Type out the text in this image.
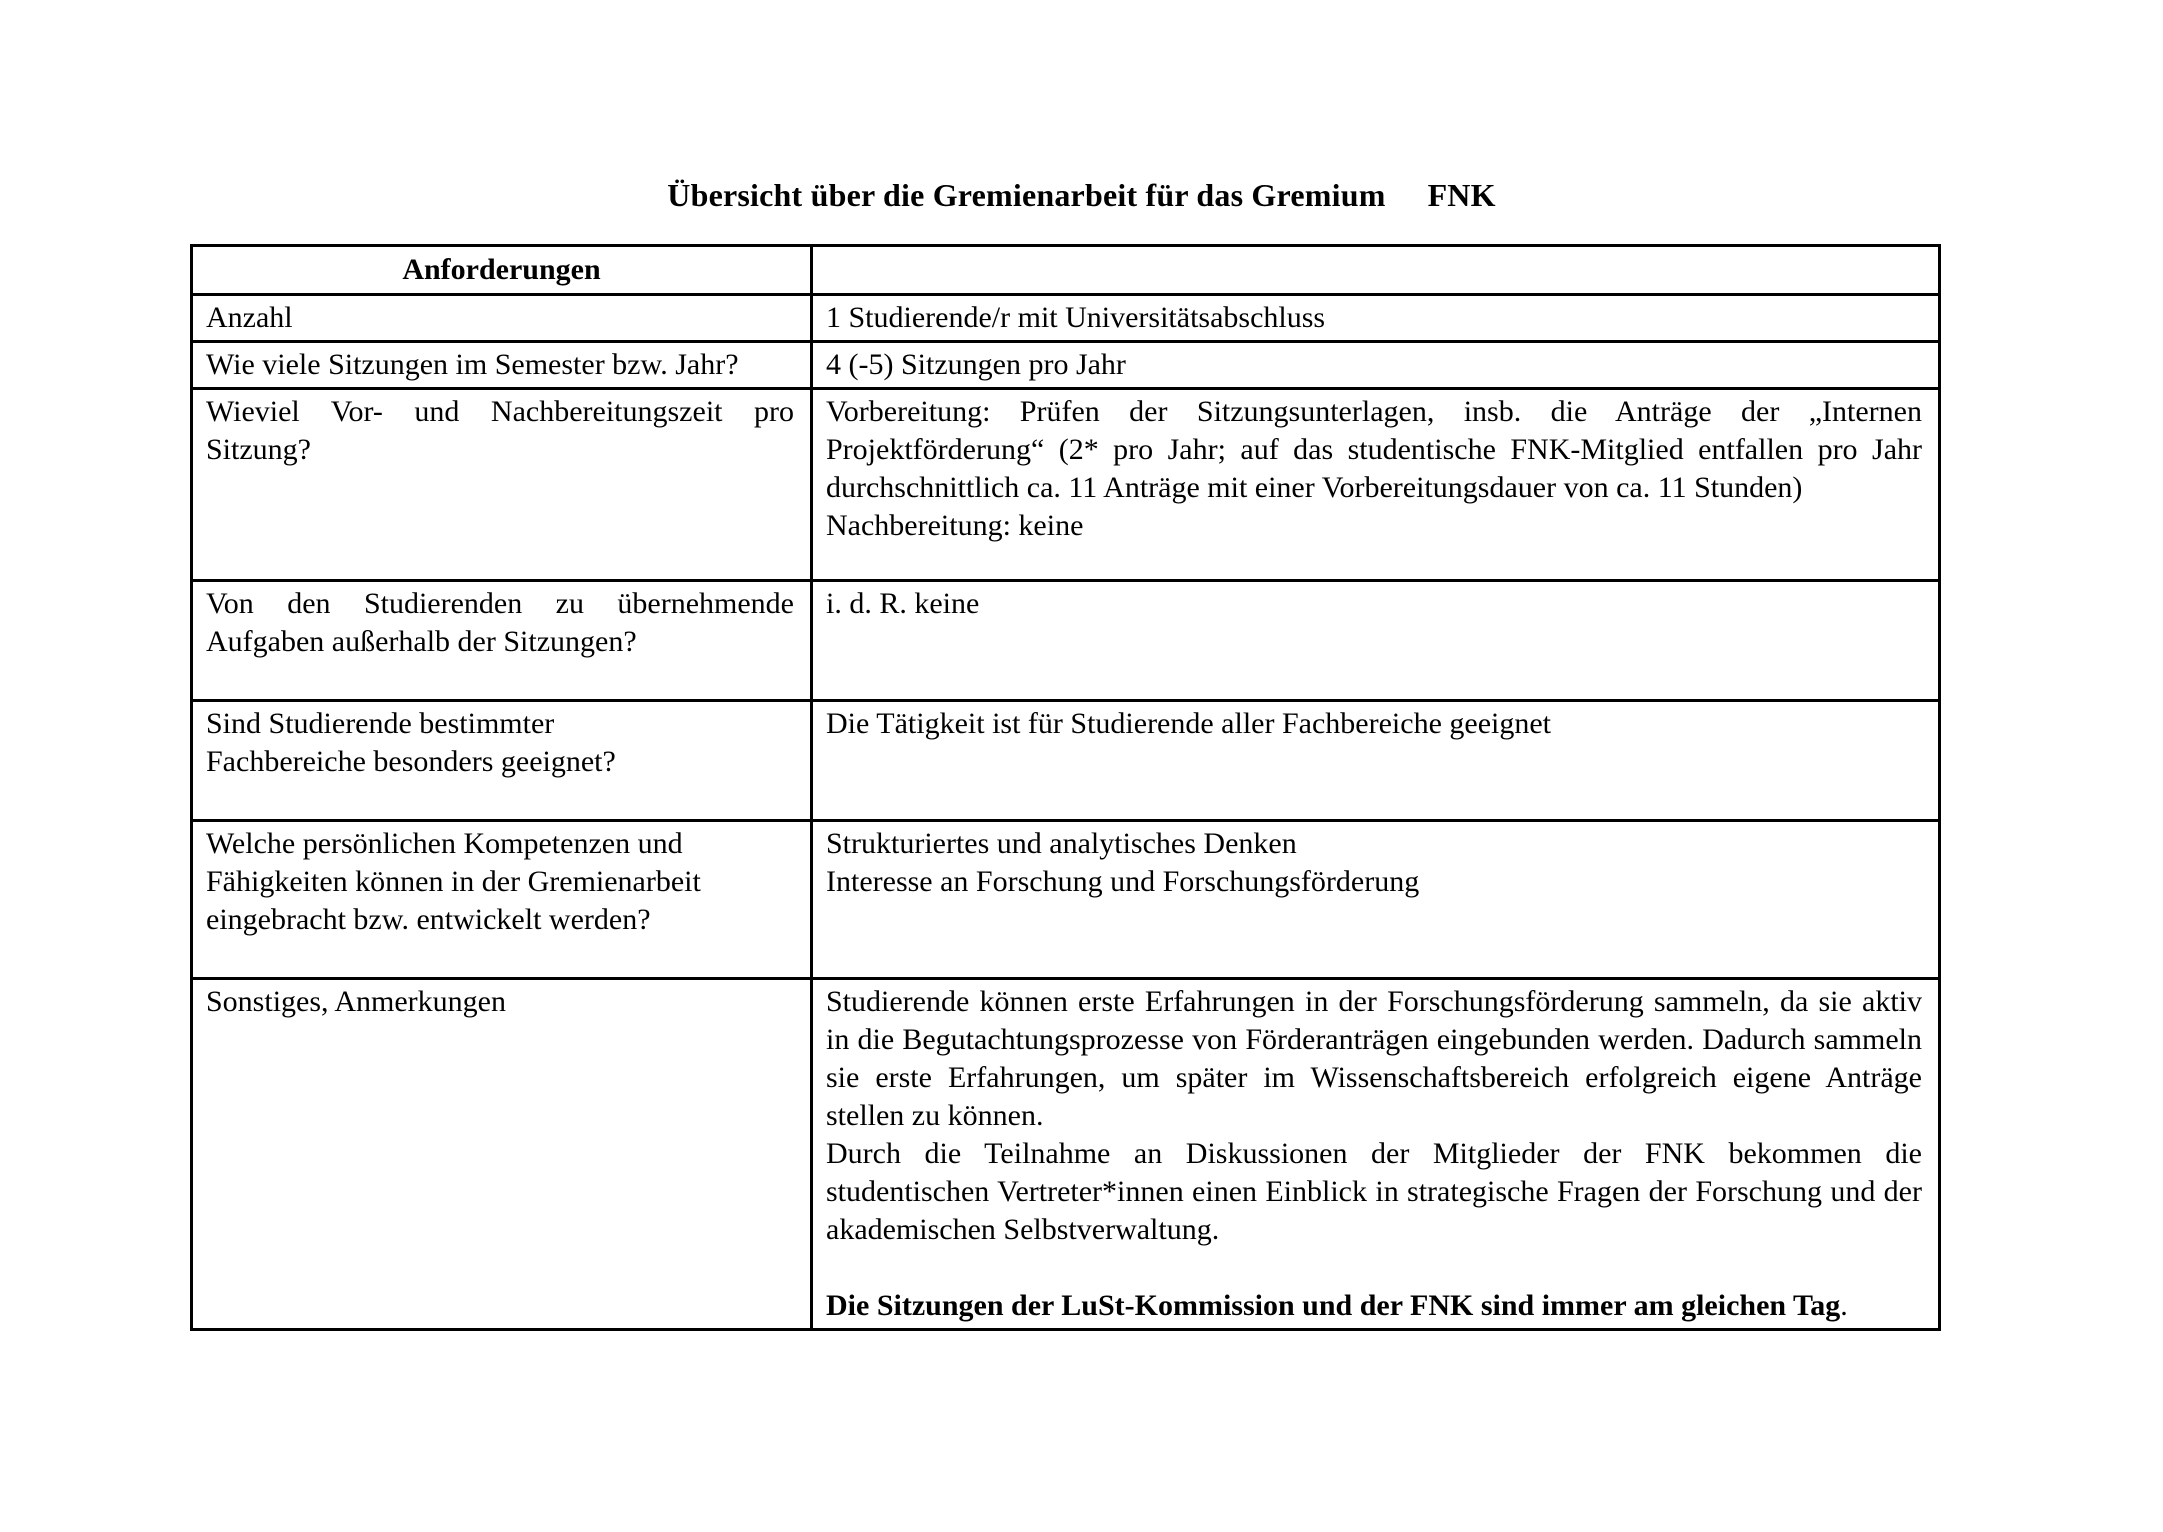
Übersicht über die Gremienarbeit für das Gremium FNK
Anforderungen	
Anzahl	1 Studierende/r mit Universitätsabschluss
Wie viele Sitzungen im Semester bzw. Jahr?	4 (-5) Sitzungen pro Jahr
Wieviel Vor- und Nachbereitungszeit pro Sitzung?	Vorbereitung: Prüfen der Sitzungsunterlagen, insb. die Anträge der „Internen Projektförderung“ (2* pro Jahr; auf das studentische FNK-Mitglied entfallen pro Jahr durchschnittlich ca. 11 Anträge mit einer Vorbereitungsdauer von ca. 11 Stunden)

Nachbereitung: keine

Von den Studierenden zu übernehmende Aufgaben außerhalb der Sitzungen?	i. d. R. keine

Sind Studierende bestimmter
Fachbereiche besonders geeignet?	Die Tätigkeit ist für Studierende aller Fachbereiche geeignet
Welche persönlichen Kompetenzen und Fähigkeiten können in der Gremienarbeit eingebracht bzw. entwickelt werden?	Strukturiertes und analytisches Denken
Interesse an Forschung und Forschungsförderung

Sonstiges, Anmerkungen	Studierende können erste Erfahrungen in der Forschungsförderung sammeln, da sie aktiv in die Begutachtungsprozesse von Förderanträgen eingebunden werden. Dadurch sammeln sie erste Erfahrungen, um später im Wissenschaftsbereich erfolgreich eigene Anträge stellen zu können.

Durch die Teilnahme an Diskussionen der Mitglieder der FNK bekommen die studentischen Vertreter*innen einen Einblick in strategische Fragen der Forschung und der akademischen Selbstverwaltung.

Die Sitzungen der LuSt-Kommission und der FNK sind immer am gleichen Tag.
